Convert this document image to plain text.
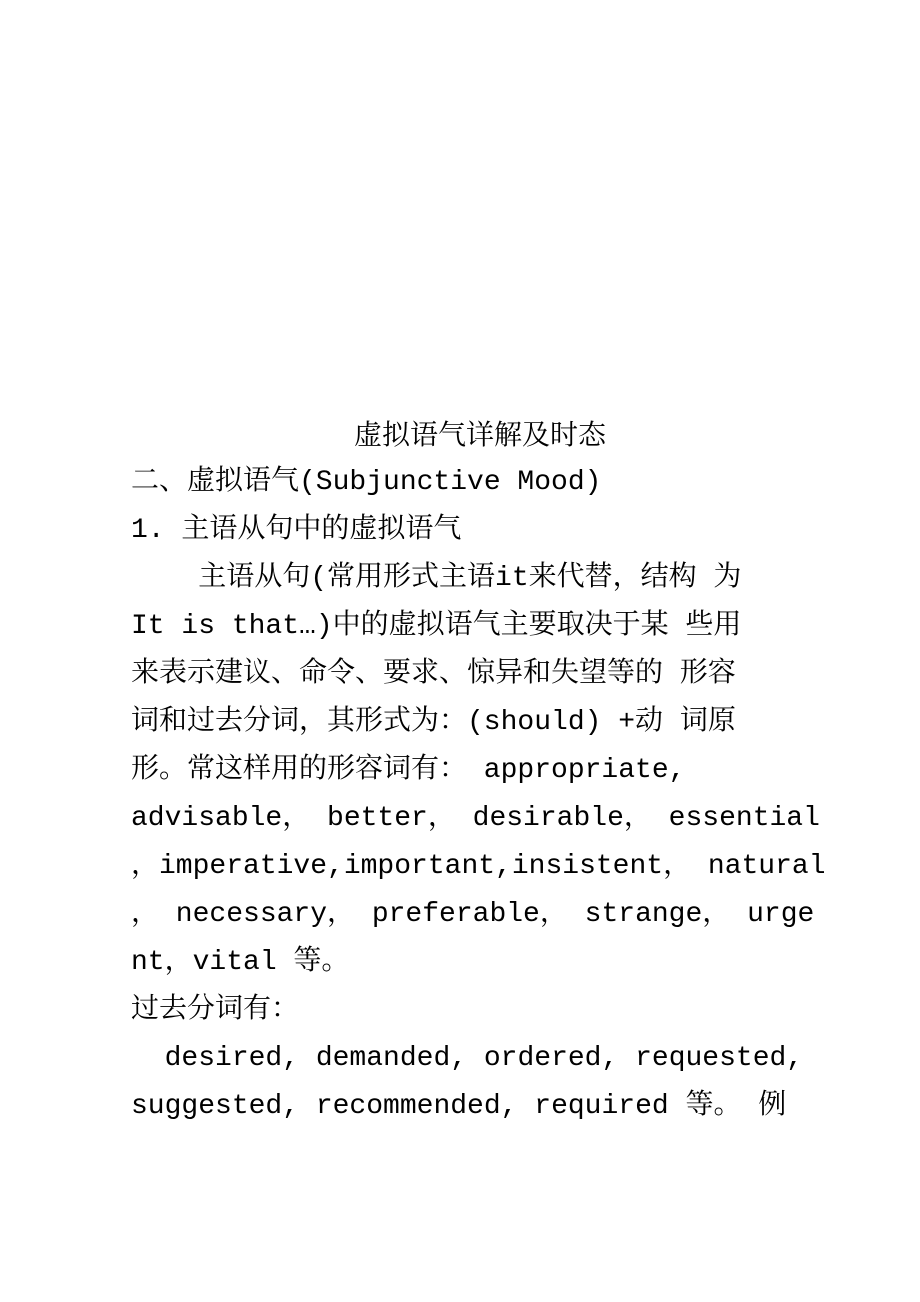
虚拟语气详解及时态
二、虚拟语气(Subjunctive Mood)
1. 主语从句中的虚拟语气
主语从句(常用形式主语it来代替，结构 为
It is that…)中的虚拟语气主要取决于某 些用
来表示建议、命令、要求、惊异和失望等的 形容
词和过去分词，其形式为：(should) +动 词原
形。常这样用的形容词有： appropriate,
advisable， better， desirable， essential
，imperative,important,insistent， natural
， necessary， preferable， strange， urge
nt，vital 等。
过去分词有：
desired, demanded, ordered, requested,
suggested, recommended, required 等。 例
